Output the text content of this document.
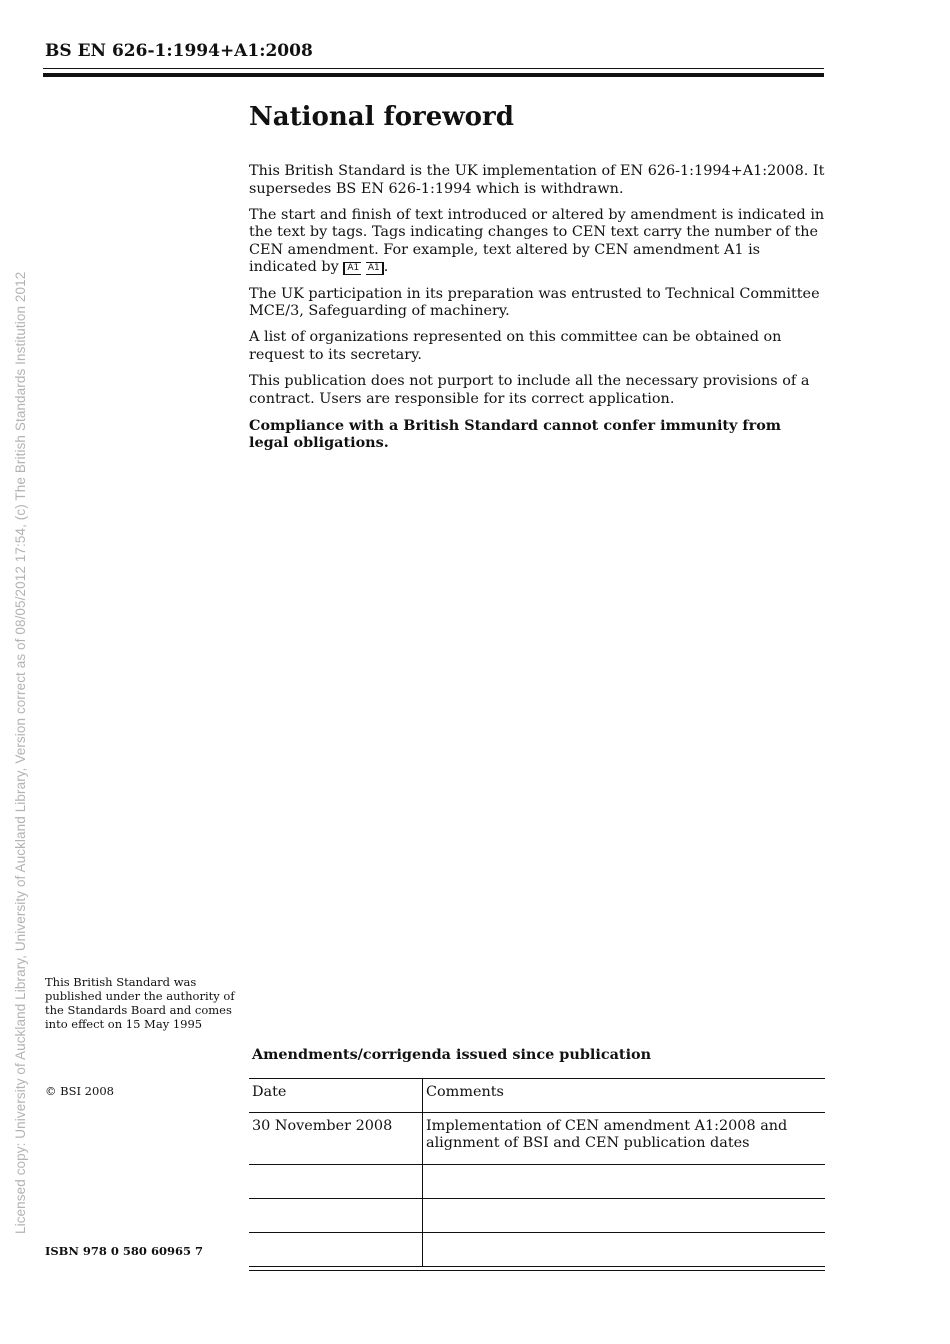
Licensed copy: University of Auckland Library, University of Auckland Library, Version correct as of 08/05/2012 17:54, (c) The British Standards Institution 2012
BS EN 626-1:1994+A1:2008
National foreword

This British Standard is the UK implementation of EN 626-1:1994+A1:2008. It supersedes BS EN 626-1:1994 which is withdrawn.

The start and finish of text introduced or altered by amendment is indicated in the text by tags. Tags indicating changes to CEN text carry the number of the CEN amendment. For example, text altered by CEN amendment A1 is indicated by A1 A1 .

The UK participation in its preparation was entrusted to Technical Committee MCE/3, Safeguarding of machinery.

A list of organizations represented on this committee can be obtained on request to its secretary.

This publication does not purport to include all the necessary provisions of a contract. Users are responsible for its correct application.

Compliance with a British Standard cannot confer immunity from legal obligations.

This British Standard was published under the authority of the Standards Board and comes into effect on 15 May 1995
© BSI 2008
ISBN 978 0 580 60965 7
Amendments/corrigenda issued since publication
Date	Comments
30 November 2008	Implementation of CEN amendment A1:2008 and alignment of BSI and CEN publication dates
